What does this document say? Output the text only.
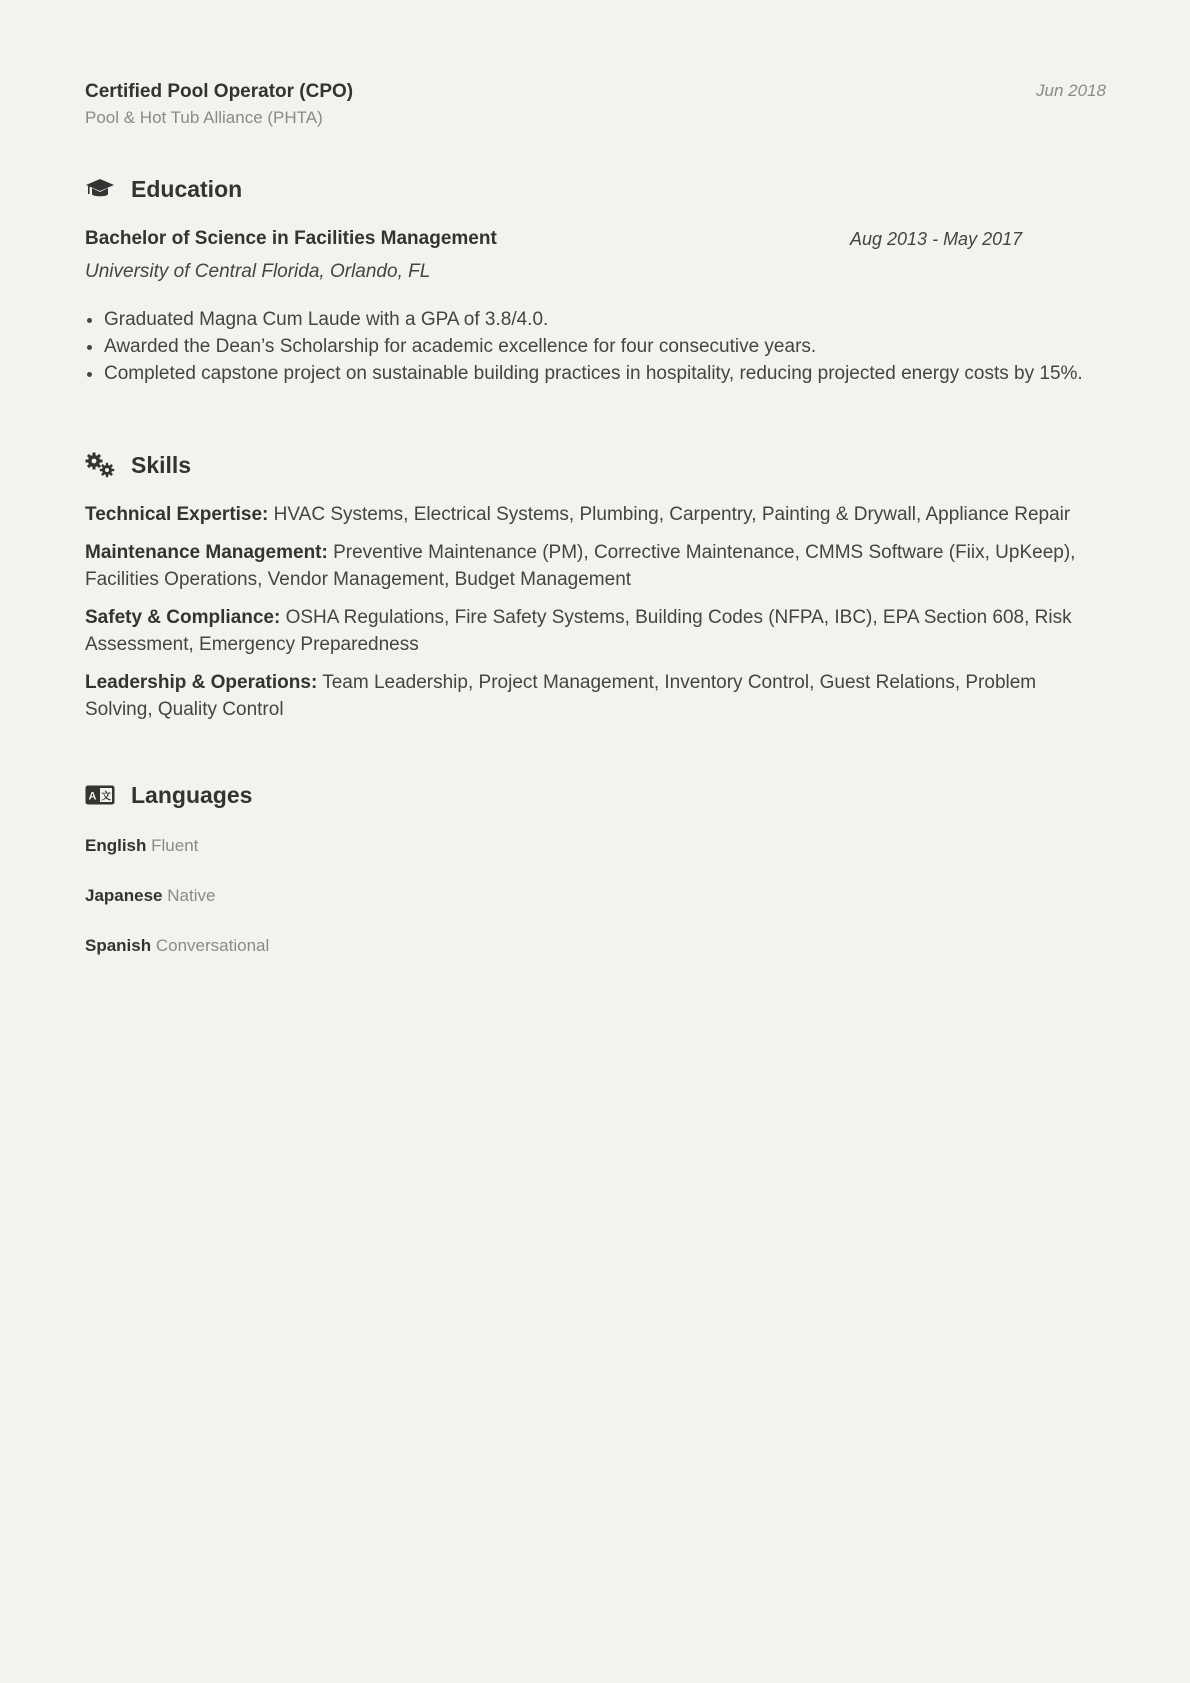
Certified Pool Operator (CPO)
Pool & Hot Tub Alliance (PHTA)
Jun 2018
Education
Bachelor of Science in Facilities Management	Aug 2013 - May 2017
University of Central Florida, Orlando, FL
• Graduated Magna Cum Laude with a GPA of 3.8/4.0.
• Awarded the Dean’s Scholarship for academic excellence for four consecutive years.
• Completed capstone project on sustainable building practices in hospitality, reducing projected energy costs by 15%.
Skills
Technical Expertise: HVAC Systems, Electrical Systems, Plumbing, Carpentry, Painting & Drywall, Appliance Repair
Maintenance Management: Preventive Maintenance (PM), Corrective Maintenance, CMMS Software (Fiix, UpKeep), Facilities Operations, Vendor Management, Budget Management
Safety & Compliance: OSHA Regulations, Fire Safety Systems, Building Codes (NFPA, IBC), EPA Section 608, Risk Assessment, Emergency Preparedness
Leadership & Operations: Team Leadership, Project Management, Inventory Control, Guest Relations, Problem Solving, Quality Control
A 文 Languages
English Fluent
Japanese Native
Spanish Conversational
